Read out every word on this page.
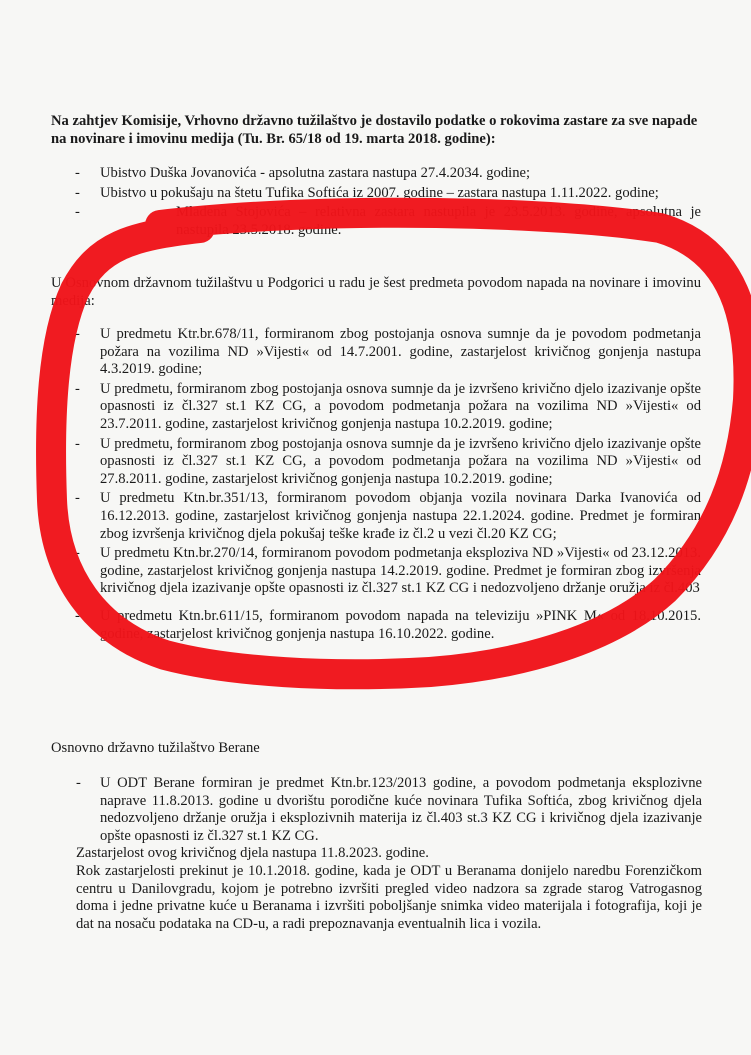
Na zahtjev Komisije, Vrhovno državno tužilaštvo je dostavilo podatke o rokovima zastare za sve napade na novinare i imovinu medija (Tu. Br. 65/18 od 19. marta 2018. godine):
- Ubistvo Duška Jovanovića - apsolutna zastara nastupa 27.4.2034. godine;
- Ubistvo u pokušaju na štetu Tufika Softića iz 2007. godine – zastara nastupa 1.11.2022. godine;
- Mladena Stojovića – relativna zastara nastupila je 23.5.2013. godine, apsolutna je nastupila 23.5.2018. godine.

U Osnovnom državnom tužilaštvu u Podgorici u radu je šest predmeta povodom napada na novinare i imovinu medija:

- U predmetu Ktr.br.678/11, formiranom zbog postojanja osnova sumnje da je povodom podmetanja požara na vozilima ND »Vijesti« od 14.7.2001. godine, zastarjelost krivičnog gonjenja nastupa 4.3.2019. godine;
- U predmetu, formiranom zbog postojanja osnova sumnje da je izvršeno krivično djelo izazivanje opšte opasnosti iz čl.327 st.1 KZ CG, a povodom podmetanja požara na vozilima ND »Vijesti« od 23.7.2011. godine, zastarjelost krivičnog gonjenja nastupa 10.2.2019. godine;
- U predmetu, formiranom zbog postojanja osnova sumnje da je izvršeno krivično djelo izazivanje opšte opasnosti iz čl.327 st.1 KZ CG, a povodom podmetanja požara na vozilima ND »Vijesti« od 27.8.2011. godine, zastarjelost krivičnog gonjenja nastupa 10.2.2019. godine;
- U predmetu Ktn.br.351/13, formiranom povodom objanja vozila novinara Darka Ivanovića od 16.12.2013. godine, zastarjelost krivičnog gonjenja nastupa 22.1.2024. godine. Predmet je formiran zbog izvršenja krivičnog djela pokušaj teške krađe iz čl.2 u vezi čl.20 KZ CG;
- U predmetu Ktn.br.270/14, formiranom povodom podmetanja eksploziva ND »Vijesti« od 23.12.2013. godine, zastarjelost krivičnog gonjenja nastupa 14.2.2019. godine. Predmet je formiran zbog izvršenja krivičnog djela izazivanje opšte opasnosti iz čl.327 st.1 KZ CG i nedozvoljeno držanje oružja iz čl.403
- U predmetu Ktn.br.611/15, formiranom povodom napada na televiziju »PINK M« od 18.10.2015. godine, zastarjelost krivičnog gonjenja nastupa 16.10.2022. godine.
Osnovno državno tužilaštvo Berane

- U ODT Berane formiran je predmet Ktn.br.123/2013 godine, a povodom podmetanja eksplozivne naprave 11.8.2013. godine u dvorištu porodične kuće novinara Tufika Softića, zbog krivičnog djela nedozvoljeno držanje oružja i eksplozivnih materija iz čl.403 st.3 KZ CG i krivičnog djela izazivanje opšte opasnosti iz čl.327 st.1 KZ CG.

Zastarjelost ovog krivičnog djela nastupa 11.8.2023. godine.

Rok zastarjelosti prekinut je 10.1.2018. godine, kada je ODT u Beranama donijelo naredbu Forenzičkom centru u Danilovgradu, kojom je potrebno izvršiti pregled video nadzora sa zgrade starog Vatrogasnog doma i jedne privatne kuće u Beranama i izvršiti poboljšanje snimka video materijala i fotografija, koji je dat na nosaču podataka na CD-u, a radi prepoznavanja eventualnih lica i vozila.
